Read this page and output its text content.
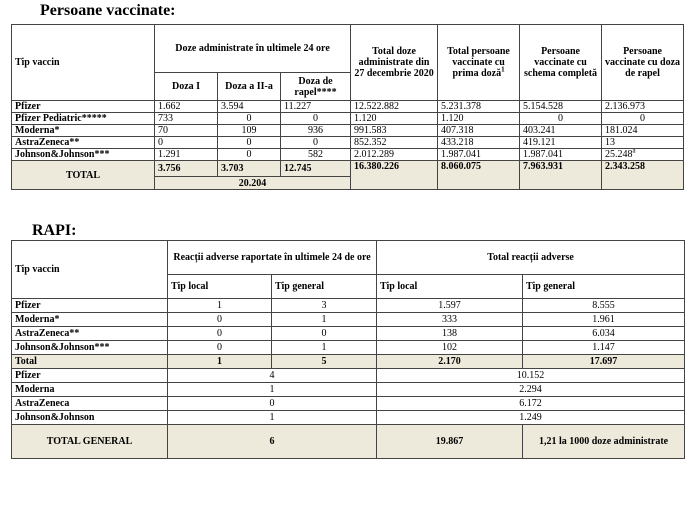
Persoane vaccinate:
Tip vaccin	Doze administrate în ultimele 24 ore			Total doze administrate din 27 decembrie 2020	Total persoane vaccinate cu prima doză$^1$	Persoane vaccinate cu schema completă	Persoane vaccinate cu doza de rapel
	Doza I	Doza a II-a	Doza de rapel****				
Pfizer	1.662	3.594	11.227	12.522.882	5.231.378	5.154.528	2.136.973
Pfizer Pediatric*****	733	0	0	1.120	1.120	0	0
Moderna*	70	109	936	991.583	407.318	403.241	181.024
AstraZeneca**	0	0	0	852.352	433.218	419.121	13
Johnson&Johnson***	1.291	0	582	2.012.289	1.987.041	1.987.041	25.248$^a$
TOTAL	3.756	3.703	12.745	16.380.226	8.060.075	7.963.931	2.343.258
	20.204						
RAPI:
Tip vaccin	Reacții adverse raportate în ultimele 24 de ore		Total reacții adverse	
	Tip local	Tip general	Tip local	Tip general
Pfizer	1	3	1.597	8.555
Moderna*	0	1	333	1.961
AstraZeneca**	0	0	138	6.034
Johnson&Johnson***	0	1	102	1.147
Total	1	5	2.170	17.697
Pfizer	4		10.152	
Moderna	1		2.294	
AstraZeneca	0		6.172	
Johnson&Johnson	1		1.249	
TOTAL GENERAL	6		19.867	1,21 la 1000 doze administrate
